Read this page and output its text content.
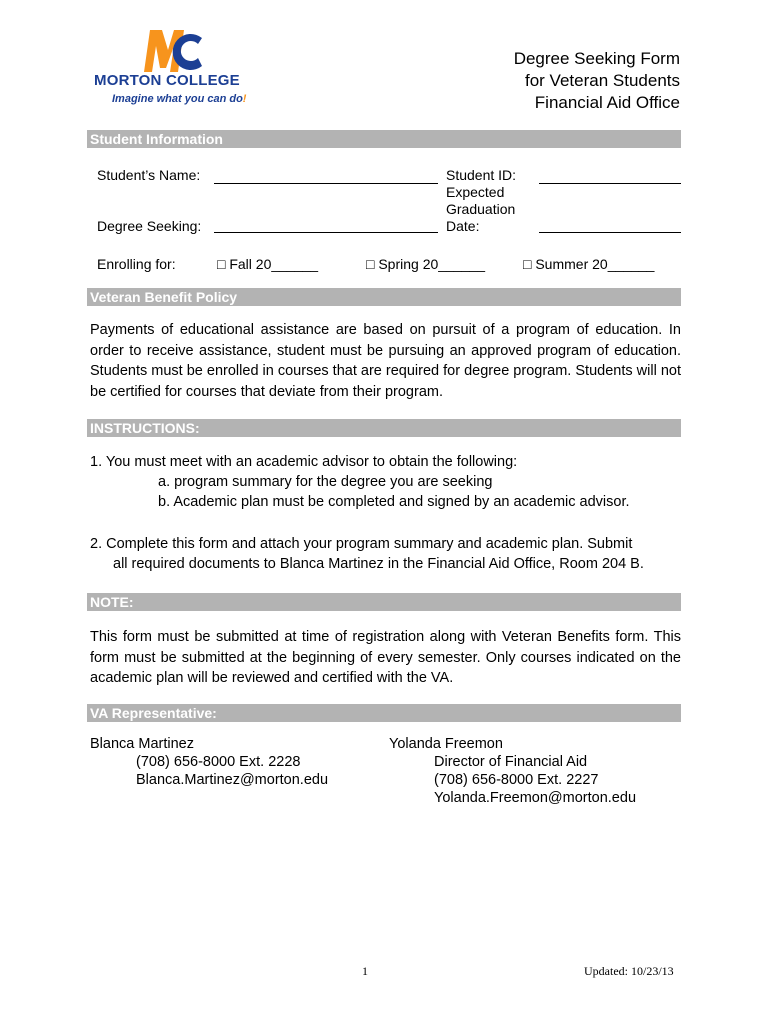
MORTON COLLEGE
Imagine what you can do!
Degree Seeking Form
for Veteran Students
Financial Aid Office
Student Information
Student’s Name:	Student ID:
Expected
Graduation
Date:
Degree Seeking:
Enrolling for:	□ Fall 20______	□ Spring 20______	□ Summer 20______
Veteran Benefit Policy
Payments of educational assistance are based on pursuit of a program of education. In order to receive assistance, student must be pursuing an approved program of education. Students must be enrolled in courses that are required for degree program. Students will not be certified for courses that deviate from their program.
INSTRUCTIONS:
1. You must meet with an academic advisor to obtain the following:
a. program summary for the degree you are seeking
b. Academic plan must be completed and signed by an academic advisor.
2. Complete this form and attach your program summary and academic plan. Submit
all required documents to Blanca Martinez in the Financial Aid Office, Room 204 B.
NOTE:
This form must be submitted at time of registration along with Veteran Benefits form. This form must be submitted at the beginning of every semester. Only courses indicated on the academic plan will be reviewed and certified with the VA.
VA Representative:
Blanca Martinez
(708) 656-8000 Ext. 2228
Blanca.Martinez@morton.edu
Yolanda Freemon
Director of Financial Aid
(708) 656-8000 Ext. 2227
Yolanda.Freemon@morton.edu
1	Updated: 10/23/13
